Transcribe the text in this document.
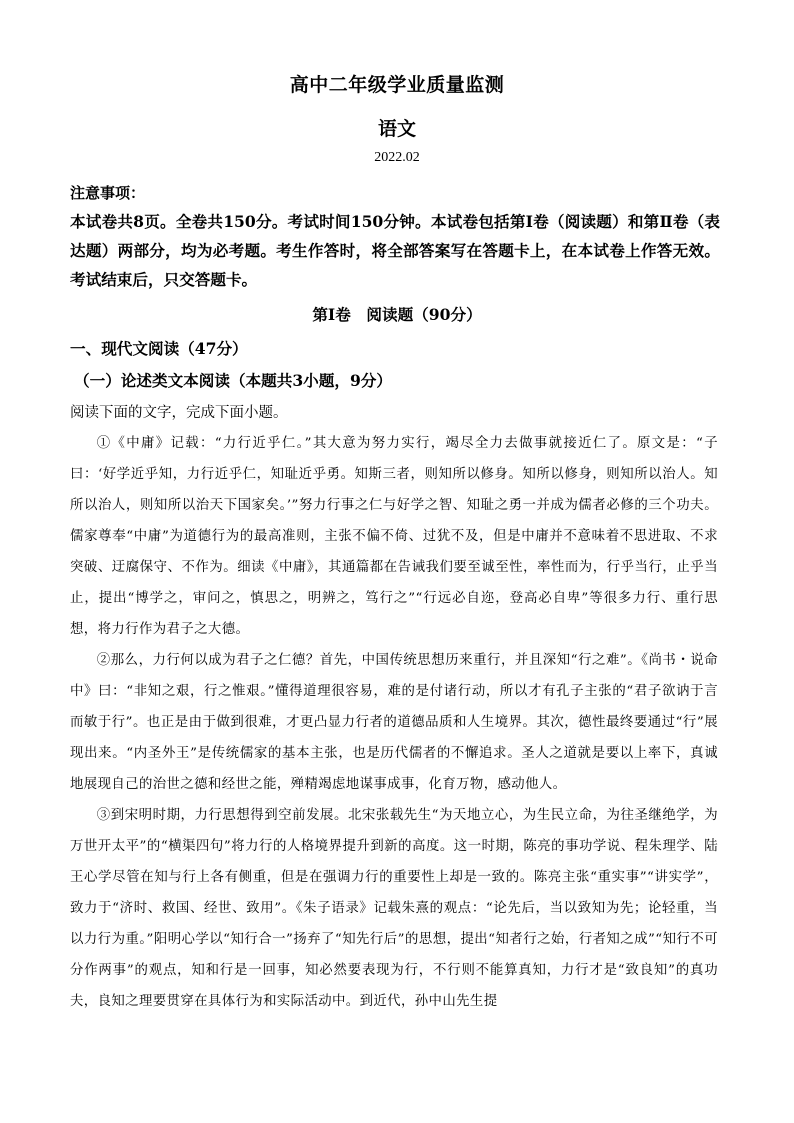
高中二年级学业质量监测
语文
2022.02
注意事项：
本试卷共8页。全卷共150分。考试时间150分钟。本试卷包括第Ⅰ卷（阅读题）和第Ⅱ卷（表达题）两部分，均为必考题。考生作答时，将全部答案写在答题卡上，在本试卷上作答无效。考试结束后，只交答题卡。
第Ⅰ卷　阅读题（90分）
一、现代文阅读（47分）
（一）论述类文本阅读（本题共3小题，9分）
阅读下面的文字，完成下面小题。

①《中庸》记载：“力行近乎仁。”其大意为努力实行，竭尽全力去做事就接近仁了。原文是：“子曰：‘好学近乎知，力行近乎仁，知耻近乎勇。知斯三者，则知所以修身。知所以修身，则知所以治人。知所以治人，则知所以治天下国家矣。’”努力行事之仁与好学之智、知耻之勇一并成为儒者必修的三个功夫。儒家尊奉“中庸”为道德行为的最高准则，主张不偏不倚、过犹不及，但是中庸并不意味着不思进取、不求突破、迂腐保守、不作为。细读《中庸》，其通篇都在告诫我们要至诚至性，率性而为，行乎当行，止乎当止，提出“博学之，审问之，慎思之，明辨之，笃行之”“行远必自迩，登高必自卑”等很多力行、重行思想，将力行作为君子之大德。

②那么，力行何以成为君子之仁德？首先，中国传统思想历来重行，并且深知“行之难”。《尚书・说命中》曰：“非知之艰，行之惟艰。”懂得道理很容易，难的是付诸行动，所以才有孔子主张的“君子欲讷于言而敏于行”。也正是由于做到很难，才更凸显力行者的道德品质和人生境界。其次，德性最终要通过“行”展现出来。“内圣外王”是传统儒家的基本主张，也是历代儒者的不懈追求。圣人之道就是要以上率下，真诚地展现自己的治世之德和经世之能，殚精竭虑地谋事成事，化育万物，感动他人。

③到宋明时期，力行思想得到空前发展。北宋张载先生“为天地立心，为生民立命，为往圣继绝学，为万世开太平”的“横渠四句”将力行的人格境界提升到新的高度。这一时期，陈亮的事功学说、程朱理学、陆王心学尽管在知与行上各有侧重，但是在强调力行的重要性上却是一致的。陈亮主张“重实事”“讲实学”，致力于“济时、救国、经世、致用”。《朱子语录》记载朱熹的观点：“论先后，当以致知为先；论轻重，当以力行为重。”阳明心学以“知行合一”扬弃了“知先行后”的思想，提出“知者行之始，行者知之成”“知行不可分作两事”的观点，知和行是一回事，知必然要表现为行，不行则不能算真知，力行才是“致良知”的真功夫，良知之理要贯穿在具体行为和实际活动中。到近代，孙中山先生提
